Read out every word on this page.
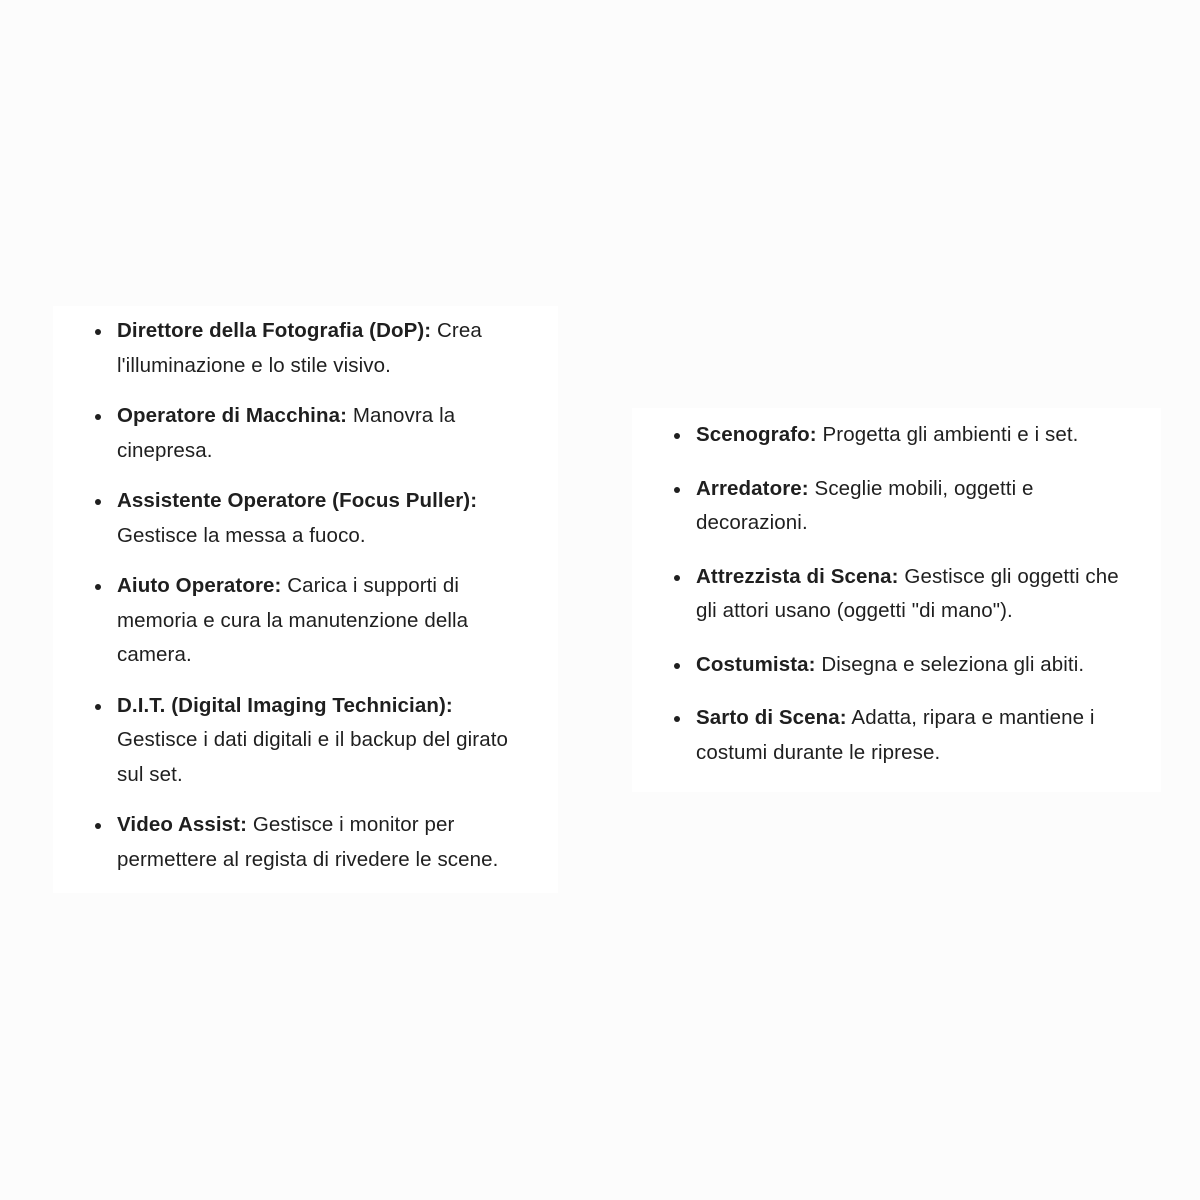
Direttore della Fotografia (DoP): Crea l'illuminazione e lo stile visivo.
Operatore di Macchina: Manovra la cinepresa.
Assistente Operatore (Focus Puller): Gestisce la messa a fuoco.
Aiuto Operatore: Carica i supporti di memoria e cura la manutenzione della camera.
D.I.T. (Digital Imaging Technician): Gestisce i dati digitali e il backup del girato sul set.
Video Assist: Gestisce i monitor per permettere al regista di rivedere le scene.
Scenografo: Progetta gli ambienti e i set.
Arredatore: Sceglie mobili, oggetti e decorazioni.
Attrezzista di Scena: Gestisce gli oggetti che gli attori usano (oggetti "di mano").
Costumista: Disegna e seleziona gli abiti.
Sarto di Scena: Adatta, ripara e mantiene i costumi durante le riprese.
